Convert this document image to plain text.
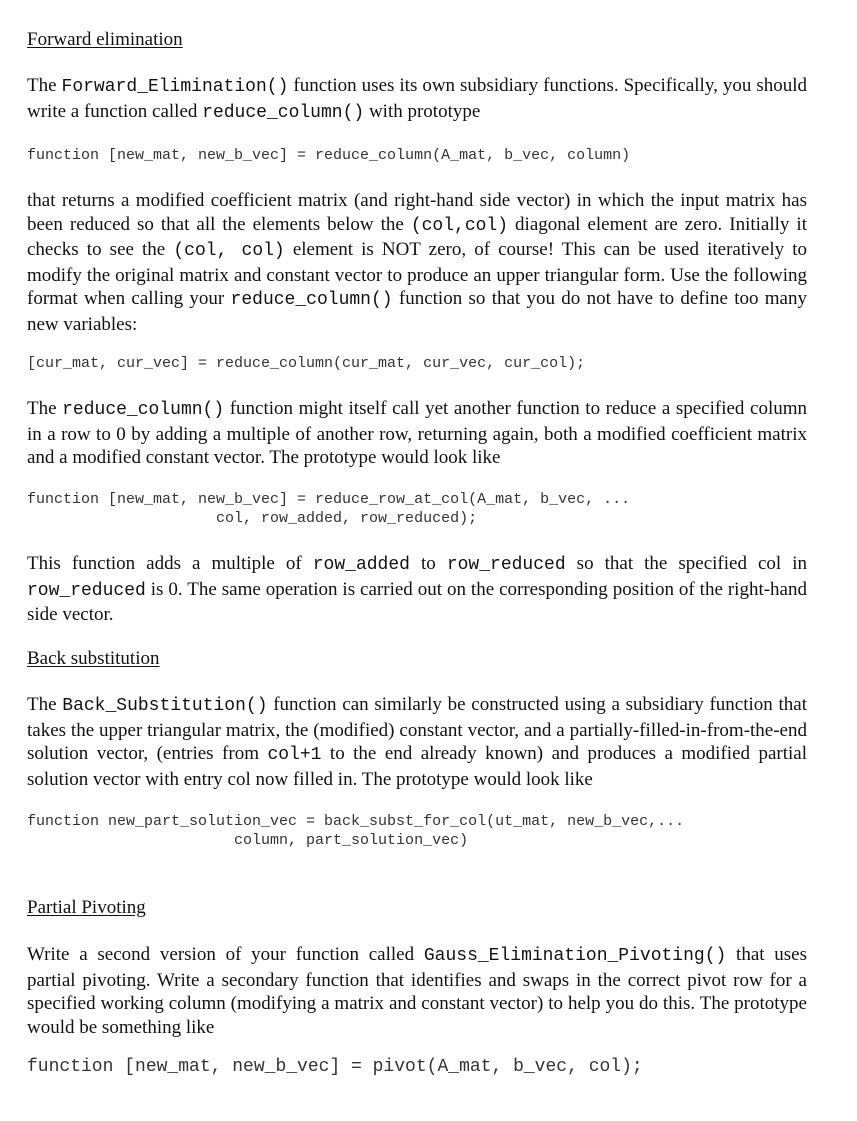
Forward elimination
The Forward_Elimination() function uses its own subsidiary functions. Specifically, you should write a function called reduce_column() with prototype
function [new_mat, new_b_vec] = reduce_column(A_mat, b_vec, column)
that returns a modified coefficient matrix (and right-hand side vector) in which the input matrix has been reduced so that all the elements below the (col,col) diagonal element are zero. Initially it checks to see the (col, col) element is NOT zero, of course! This can be used iteratively to modify the original matrix and constant vector to produce an upper triangular form. Use the following format when calling your reduce_column() function so that you do not have to define too many new variables:
[cur_mat, cur_vec] = reduce_column(cur_mat, cur_vec, cur_col);
The reduce_column() function might itself call yet another function to reduce a specified column in a row to 0 by adding a multiple of another row, returning again, both a modified coefficient matrix and a modified constant vector. The prototype would look like
function [new_mat, new_b_vec] = reduce_row_at_col(A_mat, b_vec, ...
col, row_added, row_reduced);
This function adds a multiple of row_added to row_reduced so that the specified col in row_reduced is 0. The same operation is carried out on the corresponding position of the right-hand side vector.
Back substitution
The Back_Substitution() function can similarly be constructed using a subsidiary function that takes the upper triangular matrix, the (modified) constant vector, and a partially-filled-in-from-the-end solution vector, (entries from col+1 to the end already known) and produces a modified partial solution vector with entry col now filled in. The prototype would look like
function new_part_solution_vec = back_subst_for_col(ut_mat, new_b_vec,...
column, part_solution_vec)
Partial Pivoting
Write a second version of your function called Gauss_Elimination_Pivoting() that uses partial pivoting. Write a secondary function that identifies and swaps in the correct pivot row for a specified working column (modifying a matrix and constant vector) to help you do this. The prototype would be something like
function [new_mat, new_b_vec] = pivot(A_mat, b_vec, col);
